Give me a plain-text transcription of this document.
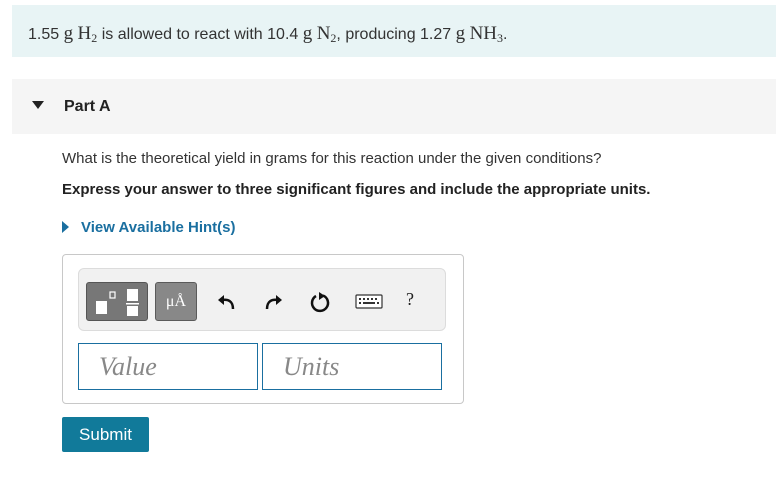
1.55 g $H_2$ is allowed to react with 10.4 g $N_2$, producing 1.27 g $NH_3$.
Part A
What is the theoretical yield in grams for this reaction under the given conditions?
Express your answer to three significant figures and include the appropriate units.
View Available Hint(s)
μÅ	?
Value
Units
Submit
